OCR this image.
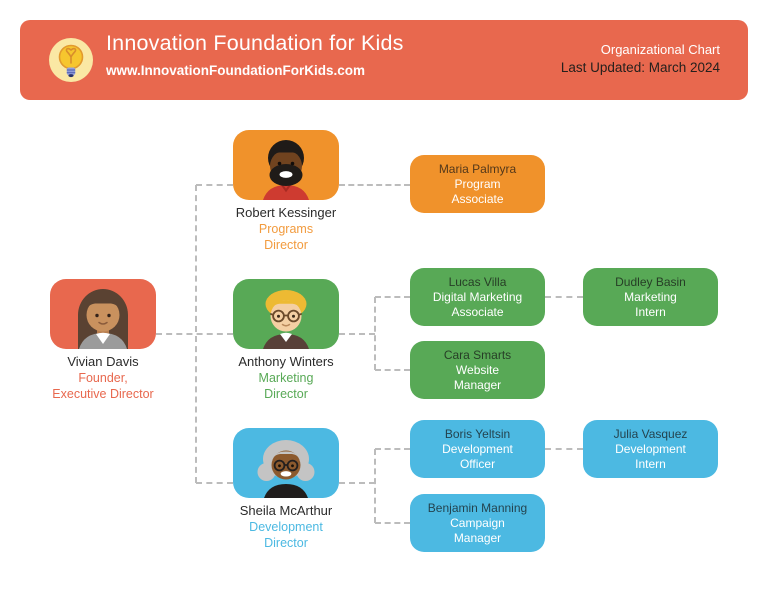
Innovation Foundation for Kids
www.InnovationFoundationForKids.com
Organizational Chart
Last Updated: March 2024
Vivian Davis
Founder,
Executive Director
Robert Kessinger
Programs
Director
Anthony Winters
Marketing
Director
Sheila McArthur
Development
Director
Maria Palmyra
Program
Associate
Lucas Villa
Digital Marketing
Associate
Dudley Basin
Marketing
Intern
Cara Smarts
Website
Manager
Boris Yeltsin
Development
Officer
Julia Vasquez
Development
Intern
Benjamin Manning
Campaign
Manager
